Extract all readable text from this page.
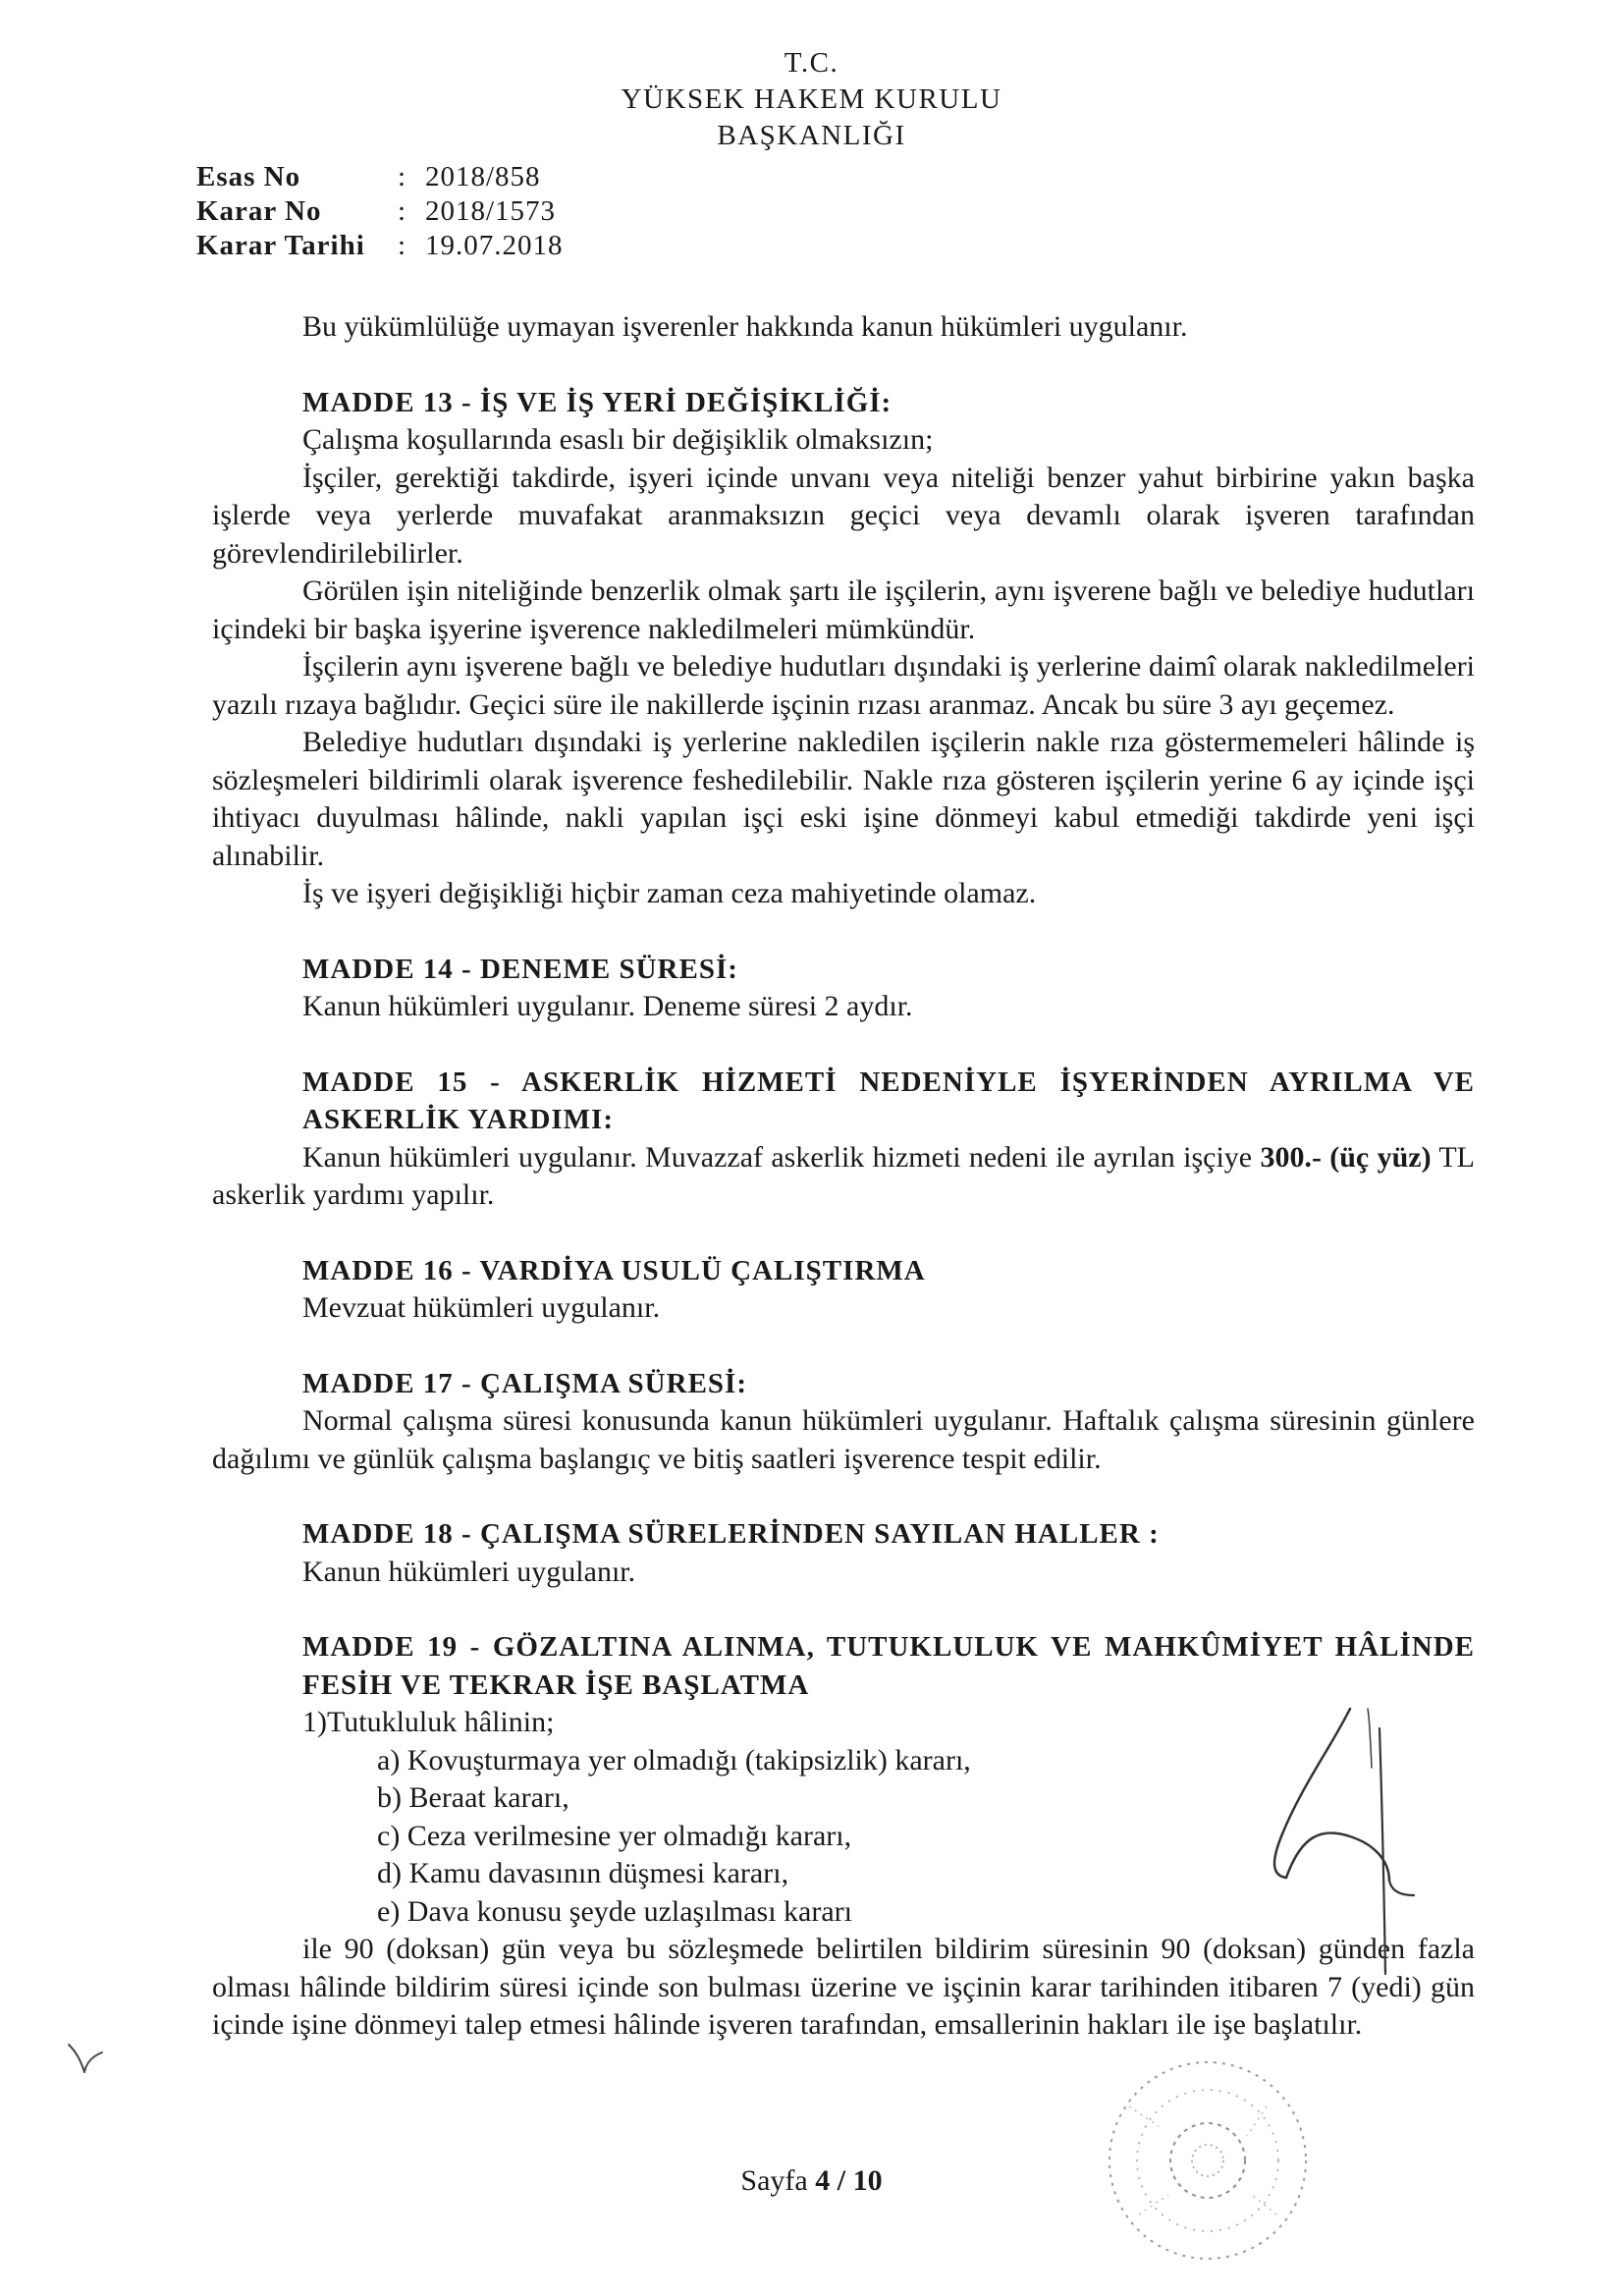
T.C.
YÜKSEK HAKEM KURULU
BAŞKANLIĞI
Esas No	: 2018/858
Karar No	: 2018/1573
Karar Tarihi	: 19.07.2018

Bu yükümlülüğe uymayan işverenler hakkında kanun hükümleri uygulanır.

MADDE 13 - İŞ VE İŞ YERİ DEĞİŞİKLİĞİ:

Çalışma koşullarında esaslı bir değişiklik olmaksızın;

İşçiler, gerektiği takdirde, işyeri içinde unvanı veya niteliği benzer yahut birbirine yakın başka işlerde veya yerlerde muvafakat aranmaksızın geçici veya devamlı olarak işveren tarafından görevlendirilebilirler.

Görülen işin niteliğinde benzerlik olmak şartı ile işçilerin, aynı işverene bağlı ve belediye hudutları içindeki bir başka işyerine işverence nakledilmeleri mümkündür.

İşçilerin aynı işverene bağlı ve belediye hudutları dışındaki iş yerlerine daimî olarak nakledilmeleri yazılı rızaya bağlıdır. Geçici süre ile nakillerde işçinin rızası aranmaz. Ancak bu süre 3 ayı geçemez.

Belediye hudutları dışındaki iş yerlerine nakledilen işçilerin nakle rıza göstermemeleri hâlinde iş sözleşmeleri bildirimli olarak işverence feshedilebilir. Nakle rıza gösteren işçilerin yerine 6 ay içinde işçi ihtiyacı duyulması hâlinde, nakli yapılan işçi eski işine dönmeyi kabul etmediği takdirde yeni işçi alınabilir.

İş ve işyeri değişikliği hiçbir zaman ceza mahiyetinde olamaz.

MADDE 14 - DENEME SÜRESİ:

Kanun hükümleri uygulanır. Deneme süresi 2 aydır.

MADDE 15 - ASKERLİK HİZMETİ NEDENİYLE İŞYERİNDEN AYRILMA VE ASKERLİK YARDIMI:

Kanun hükümleri uygulanır. Muvazzaf askerlik hizmeti nedeni ile ayrılan işçiye 300.- (üç yüz) TL askerlik yardımı yapılır.

MADDE 16 - VARDİYA USULÜ ÇALIŞTIRMA

Mevzuat hükümleri uygulanır.

MADDE 17 - ÇALIŞMA SÜRESİ:

Normal çalışma süresi konusunda kanun hükümleri uygulanır. Haftalık çalışma süresinin günlere dağılımı ve günlük çalışma başlangıç ve bitiş saatleri işverence tespit edilir.

MADDE 18 - ÇALIŞMA SÜRELERİNDEN SAYILAN HALLER :

Kanun hükümleri uygulanır.

MADDE 19 - GÖZALTINA ALINMA, TUTUKLULUK VE MAHKÛMİYET HÂLİNDE FESİH VE TEKRAR İŞE BAŞLATMA

1)Tutukluluk hâlinin;

a) Kovuşturmaya yer olmadığı (takipsizlik) kararı,
b) Beraat kararı,
c) Ceza verilmesine yer olmadığı kararı,
d) Kamu davasının düşmesi kararı,
e) Dava konusu şeyde uzlaşılması kararı

ile 90 (doksan) gün veya bu sözleşmede belirtilen bildirim süresinin 90 (doksan) günden fazla olması hâlinde bildirim süresi içinde son bulması üzerine ve işçinin karar tarihinden itibaren 7 (yedi) gün içinde işine dönmeyi talep etmesi hâlinde işveren tarafından, emsallerinin hakları ile işe başlatılır.

Sayfa 4 / 10
